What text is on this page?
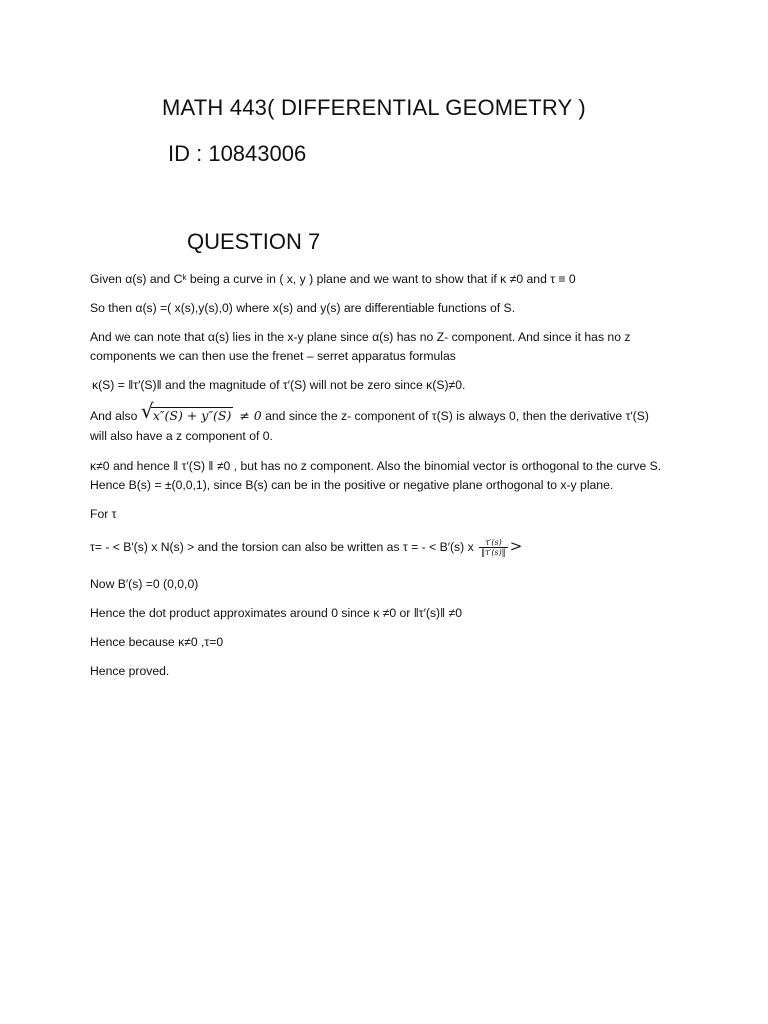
MATH 443( DIFFERENTIAL GEOMETRY )
ID : 10843006
QUESTION 7
Given α(s) and Cᵏ being a curve in ( x, y ) plane and we want to show that if κ ≠0 and τ ≡ 0
So then α(s) =( x(s),y(s),0) where x(s) and y(s) are differentiable functions of S.
And we can note that α(s) lies in the x-y plane since α(s) has no Z- component. And since it has no z components we can then use the frenet – serret apparatus formulas
κ(S) = ‖τ′(S)‖ and the magnitude of τ′(S) will not be zero since κ(S)≠0.
And also √ x″(S) + y″(S) ≠ 0 and since the z- component of τ(S) is always 0, then the derivative τ′(S)
will also have a z component of 0.
κ≠0 and hence ‖ τ′(S) ‖ ≠0 , but has no z component. Also the binomial vector is orthogonal to the curve S. Hence B(s) = ±(0,0,1), since B(s) can be in the positive or negative plane orthogonal to x-y plane.
For τ
τ= - < B′(s) x N(s) > and the torsion can also be written as τ = - < B′(s) x $\frac{\tau'(s)}{‖\tau'(s)‖}$ >
Now B′(s) =0 (0,0,0)
Hence the dot product approximates around 0 since κ ≠0 or ‖τ′(s)‖ ≠0
Hence because κ≠0 ,τ=0
Hence proved.
